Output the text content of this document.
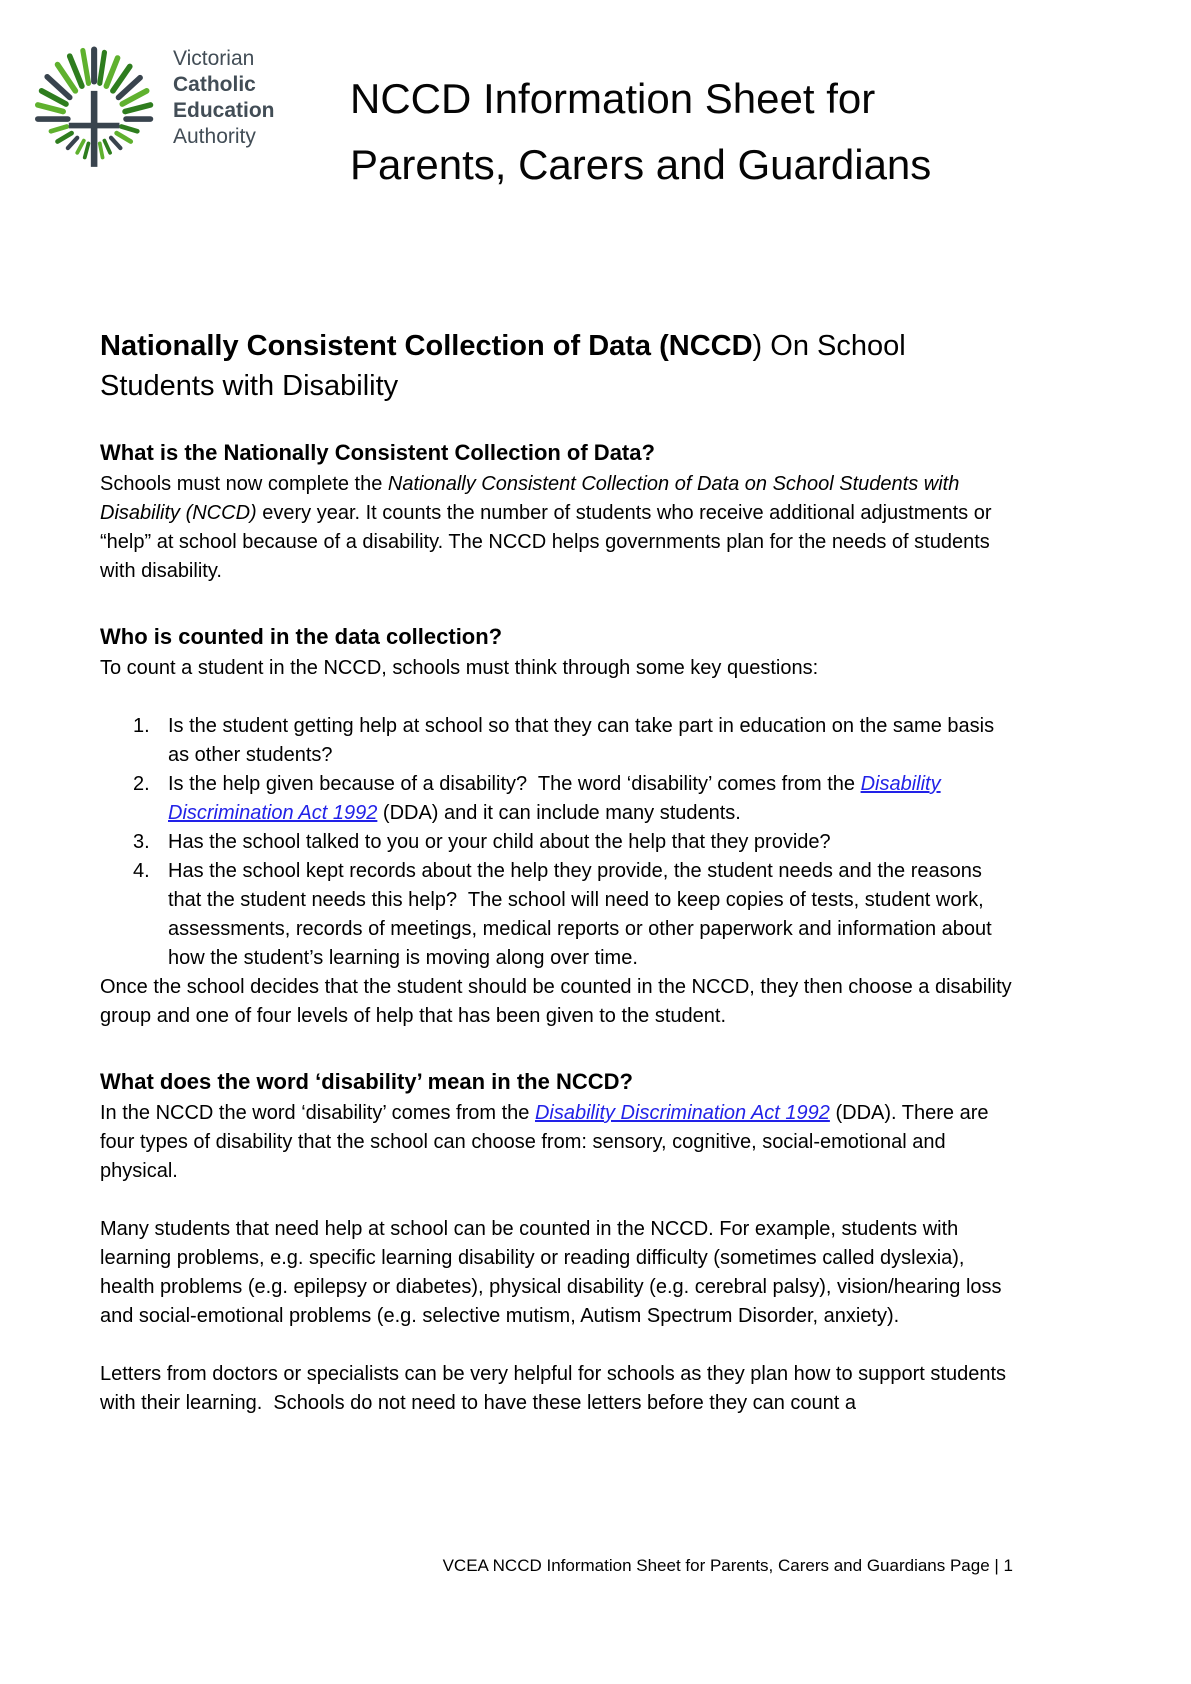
Victorian
Catholic
Education
Authority
NCCD Information Sheet for
Parents, Carers and Guardians
Nationally Consistent Collection of Data (NCCD) On School Students with Disability
What is the Nationally Consistent Collection of Data?

Schools must now complete the Nationally Consistent Collection of Data on School Students with Disability (NCCD) every year. It counts the number of students who receive additional adjustments or “help” at school because of a disability. The NCCD helps governments plan for the needs of students with disability.

Who is counted in the data collection?

To count a student in the NCCD, schools must think through some key questions:

1. Is the student getting help at school so that they can take part in education on the same basis as other students?
2. Is the help given because of a disability?  The word ‘disability’ comes from the Disability Discrimination Act 1992 (DDA) and it can include many students.
3. Has the school talked to you or your child about the help that they provide?
4. Has the school kept records about the help they provide, the student needs and the reasons that the student needs this help?  The school will need to keep copies of tests, student work, assessments, records of meetings, medical reports or other paperwork and information about how the student’s learning is moving along over time.

Once the school decides that the student should be counted in the NCCD, they then choose a disability group and one of four levels of help that has been given to the student.

What does the word ‘disability’ mean in the NCCD?

In the NCCD the word ‘disability’ comes from the Disability Discrimination Act 1992 (DDA). There are four types of disability that the school can choose from: sensory, cognitive, social-emotional and physical.

Many students that need help at school can be counted in the NCCD. For example, students with learning problems, e.g. specific learning disability or reading difficulty (sometimes called dyslexia), health problems (e.g. epilepsy or diabetes), physical disability (e.g. cerebral palsy), vision/hearing loss and social-emotional problems (e.g. selective mutism, Autism Spectrum Disorder, anxiety).

Letters from doctors or specialists can be very helpful for schools as they plan how to support students with their learning.  Schools do not need to have these letters before they can count a

VCEA NCCD Information Sheet for Parents, Carers and Guardians Page | 1
